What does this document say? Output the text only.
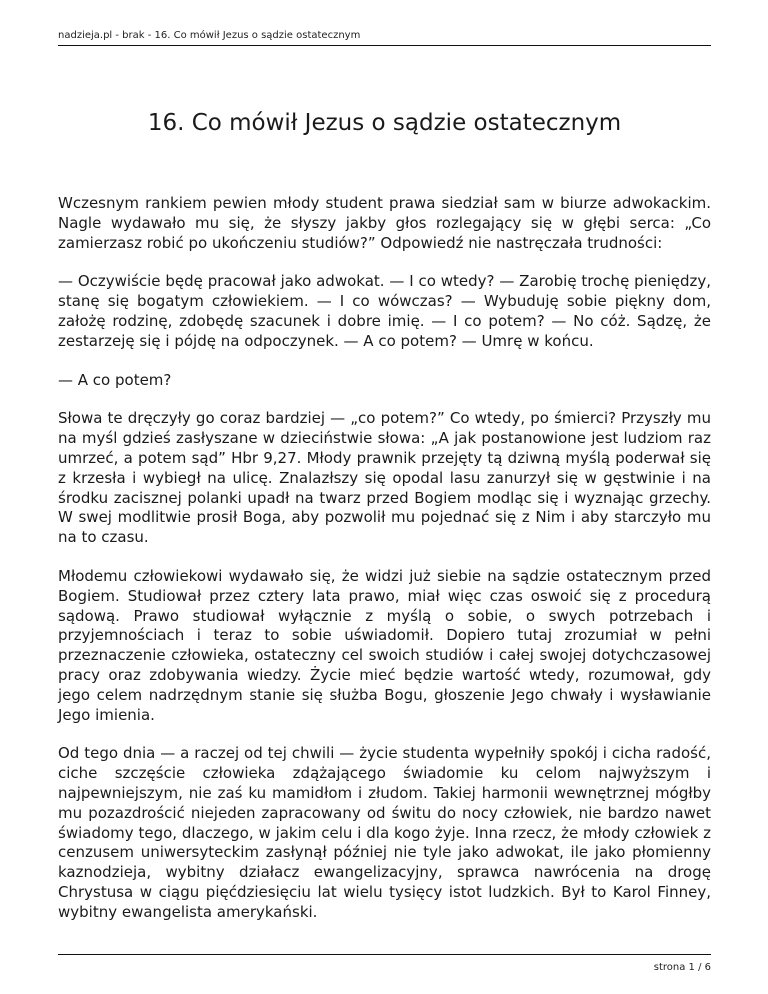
nadzieja.pl - brak - 16. Co mówił Jezus o sądzie ostatecznym
16. Co mówił Jezus o sądzie ostatecznym

Wczesnym rankiem pewien młody student prawa siedział sam w biurze adwokackim. Nagle wydawało mu się, że słyszy jakby głos rozlegający się w głębi serca: „Co zamierzasz robić po ukończeniu studiów?” Odpowiedź nie nastręczała trudności:

— Oczywiście będę pracował jako adwokat. — I co wtedy? — Zarobię trochę pieniędzy, stanę się bogatym człowiekiem. — I co wówczas? — Wybuduję sobie piękny dom, założę rodzinę, zdobędę szacunek i dobre imię. — I co potem? — No cóż. Sądzę, że zestarzeję się i pójdę na odpoczynek. — A co potem? — Umrę w końcu.

— A co potem?

Słowa te dręczyły go coraz bardziej — „co potem?” Co wtedy, po śmierci? Przyszły mu na myśl gdzieś zasłyszane w dzieciństwie słowa: „A jak postanowione jest ludziom raz umrzeć, a potem sąd” Hbr 9,27. Młody prawnik przejęty tą dziwną myślą poderwał się z krzesła i wybiegł na ulicę. Znalazłszy się opodal lasu zanurzył się w gęstwinie i na środku zacisznej polanki upadł na twarz przed Bogiem modląc się i wyznając grzechy. W swej modlitwie prosił Boga, aby pozwolił mu pojednać się z Nim i aby starczyło mu na to czasu.

Młodemu człowiekowi wydawało się, że widzi już siebie na sądzie ostatecznym przed Bogiem. Studiował przez cztery lata prawo, miał więc czas oswoić się z procedurą sądową. Prawo studiował wyłącznie z myślą o sobie, o swych potrzebach i przyjemnościach i teraz to sobie uświadomił. Dopiero tutaj zrozumiał w pełni przeznaczenie człowieka, ostateczny cel swoich studiów i całej swojej dotychczasowej pracy oraz zdobywania wiedzy. Życie mieć będzie wartość wtedy, rozumował, gdy jego celem nadrzędnym stanie się służba Bogu, głoszenie Jego chwały i wysławianie Jego imienia.

Od tego dnia — a raczej od tej chwili — życie studenta wypełniły spokój i cicha radość, ciche szczęście człowieka zdążającego świadomie ku celom najwyższym i najpewniejszym, nie zaś ku mamidłom i złudom. Takiej harmonii wewnętrznej mógłby mu pozazdrościć niejeden zapracowany od świtu do nocy człowiek, nie bardzo nawet świadomy tego, dlaczego, w jakim celu i dla kogo żyje. Inna rzecz, że młody człowiek z cenzusem uniwersyteckim zasłynął później nie tyle jako adwokat, ile jako płomienny kaznodzieja, wybitny działacz ewangelizacyjny, sprawca nawrócenia na drogę Chrystusa w ciągu pięćdziesięciu lat wielu tysięcy istot ludzkich. Był to Karol Finney, wybitny ewangelista amerykański.

strona 1 / 6
